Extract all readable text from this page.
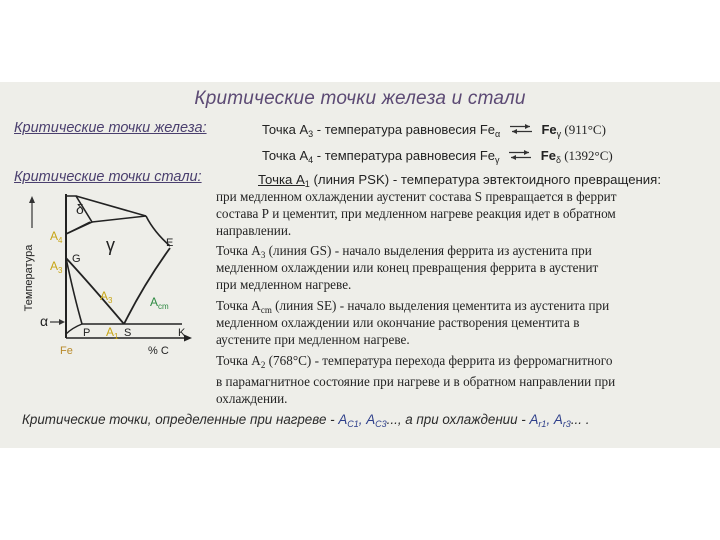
Критические точки железа и стали
Критические точки железа:	Точка $А_3$ - температура равновесия $Fe_\alpha$ ⇌ $Fe_\gamma$ (911°С)
Точка $А_4$ - температура равновесия $Fe_\gamma$ ⇌ $Fe_\delta$ (1392°С)
Критические точки стали:	Точка $А_1$ (линия PSK) - температура эвтектоидного превращения:
при медленном охлаждении аустенит состава S превращается в феррит
состава Р и цементит, при медленном нагреве реакция идет в обратном
направлении.
Точка $А_3$ (линия GS) - начало выделения феррита из аустенита при
медленном охлаждении или конец превращения феррита в аустенит
при медленном нагреве.
Точка $А_{cm}$ (линия SE) - начало выделения цементита из аустенита при
медленном охлаждении или окончание растворения цементита в
аустените при медленном нагреве.
Точка $А_2$ (768°С) - температура перехода феррита из ферромагнитного
в парамагнитное состояние при нагреве и в обратном направлении при
охлаждении.
Температура
δ
γ
α
G
E
P	S	K
$A_4$
$A_3$
$A_3$	$A_{cm}$
$A_1$
Fe	% С
Критические точки, определенные при нагреве - $А_{С1}$, $А_{С3}$..., а при охлаждении - $А_{r1}$, $А_{r3}$... .
